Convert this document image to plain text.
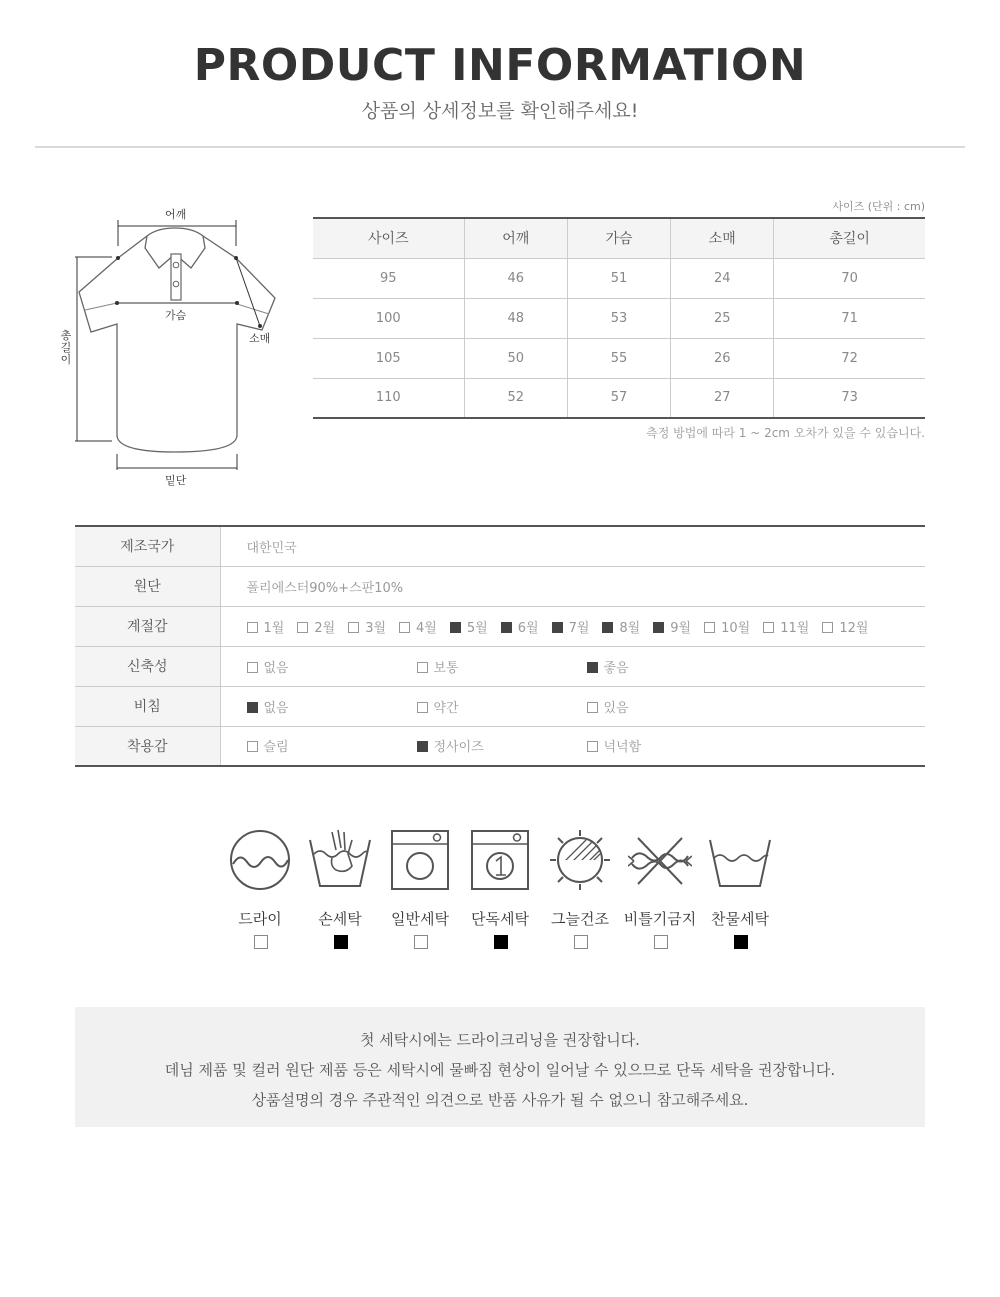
PRODUCT INFORMATION
상품의 상세정보를 확인해주세요!
어깨
가슴
소매
총길이
밑단
사이즈 (단위 : cm)
사이즈	어깨	가슴	소매	총길이
95	46	51	24	70
100	48	53	25	71
105	50	55	26	72
110	52	57	27	73
측정 방법에 따라 1 ~ 2cm 오차가 있을 수 있습니다.
제조국가	대한민국
원단	폴리에스터90%+스판10%
계절감	1월 2월 3월 4월 5월 6월 7월 8월 9월 10월 11월 12월
신축성	없음 보통 좋음
비침	없음 약간 있음
착용감	슬림 정사이즈 넉넉함
드라이	손세탁	일반세탁	단독세탁	그늘건조 비틀기금지 찬물세탁

첫 세탁시에는 드라이크리닝을 권장합니다.

데님 제품 및 컬러 원단 제품 등은 세탁시에 물빠짐 현상이 일어날 수 있으므로 단독 세탁을 권장합니다.

상품설명의 경우 주관적인 의견으로 반품 사유가 될 수 없으니 참고해주세요.
